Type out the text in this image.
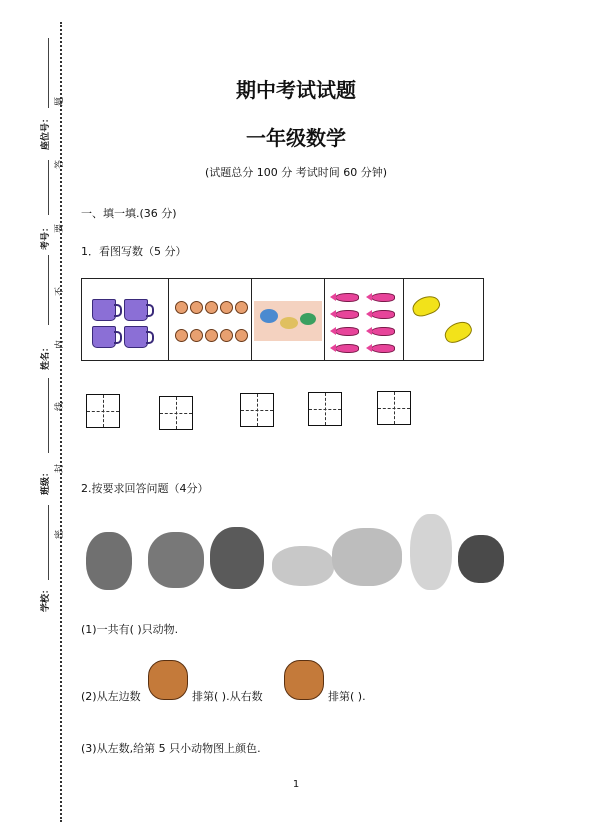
座位号：
考号：
姓名：
班级：
学校：
题
答
要
不
内
线
封
密
期中考试试题
一年级数学
(试题总分 100 分 考试时间 60 分钟)
一、填一填.(36 分)
1．看图写数（5 分）
2.按要求回答问题（4分）
(1)一共有( )只动物.
(2)从左边数	排第( ).从右数	排第( ).
(3)从左数,给第 5 只小动物图上颜色.
1
